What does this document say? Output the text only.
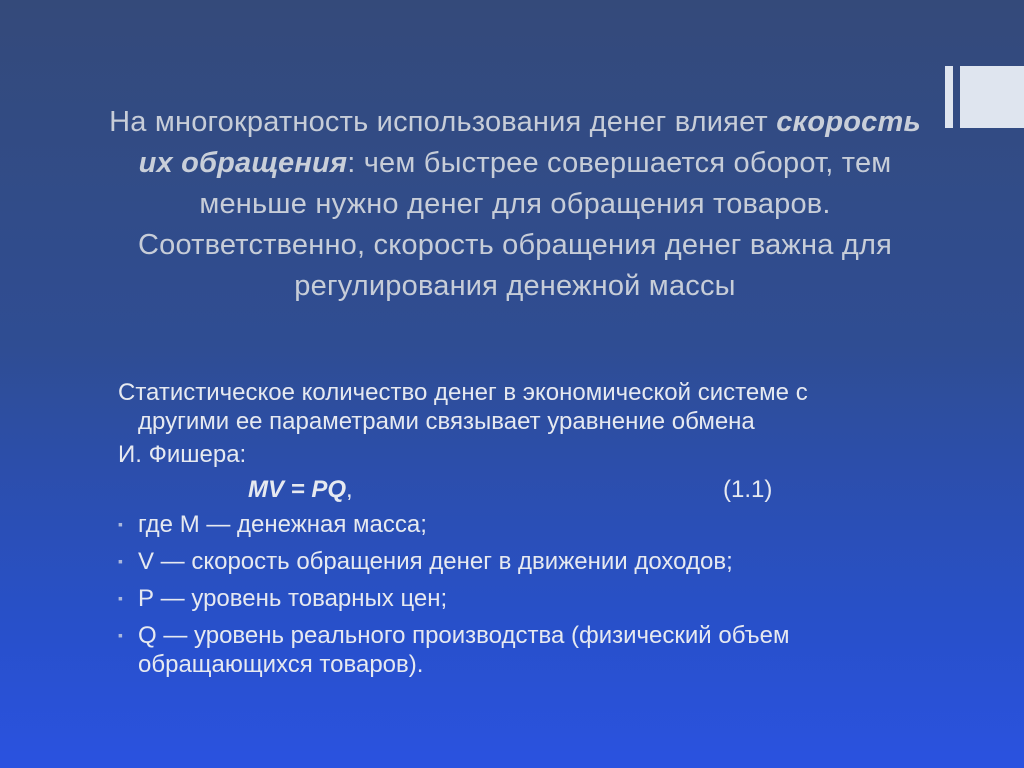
На многократность использования денег влияет скорость их обращения: чем быстрее совершается оборот, тем меньше нужно денег для обращения товаров. Соответственно, скорость обращения денег важна для регулирования денежной массы

Статистическое количество денег в экономической системе с

другими ее параметрами связывает уравнение обмена

И. Фишера:

MV = PQ,	(1.1)
▪ где М — денежная масса;
▪ V — скорость обращения денег в движении доходов;
▪ Р — уровень товарных цен;
▪ Q — уровень реального производства (физический объем обращающихся товаров).
